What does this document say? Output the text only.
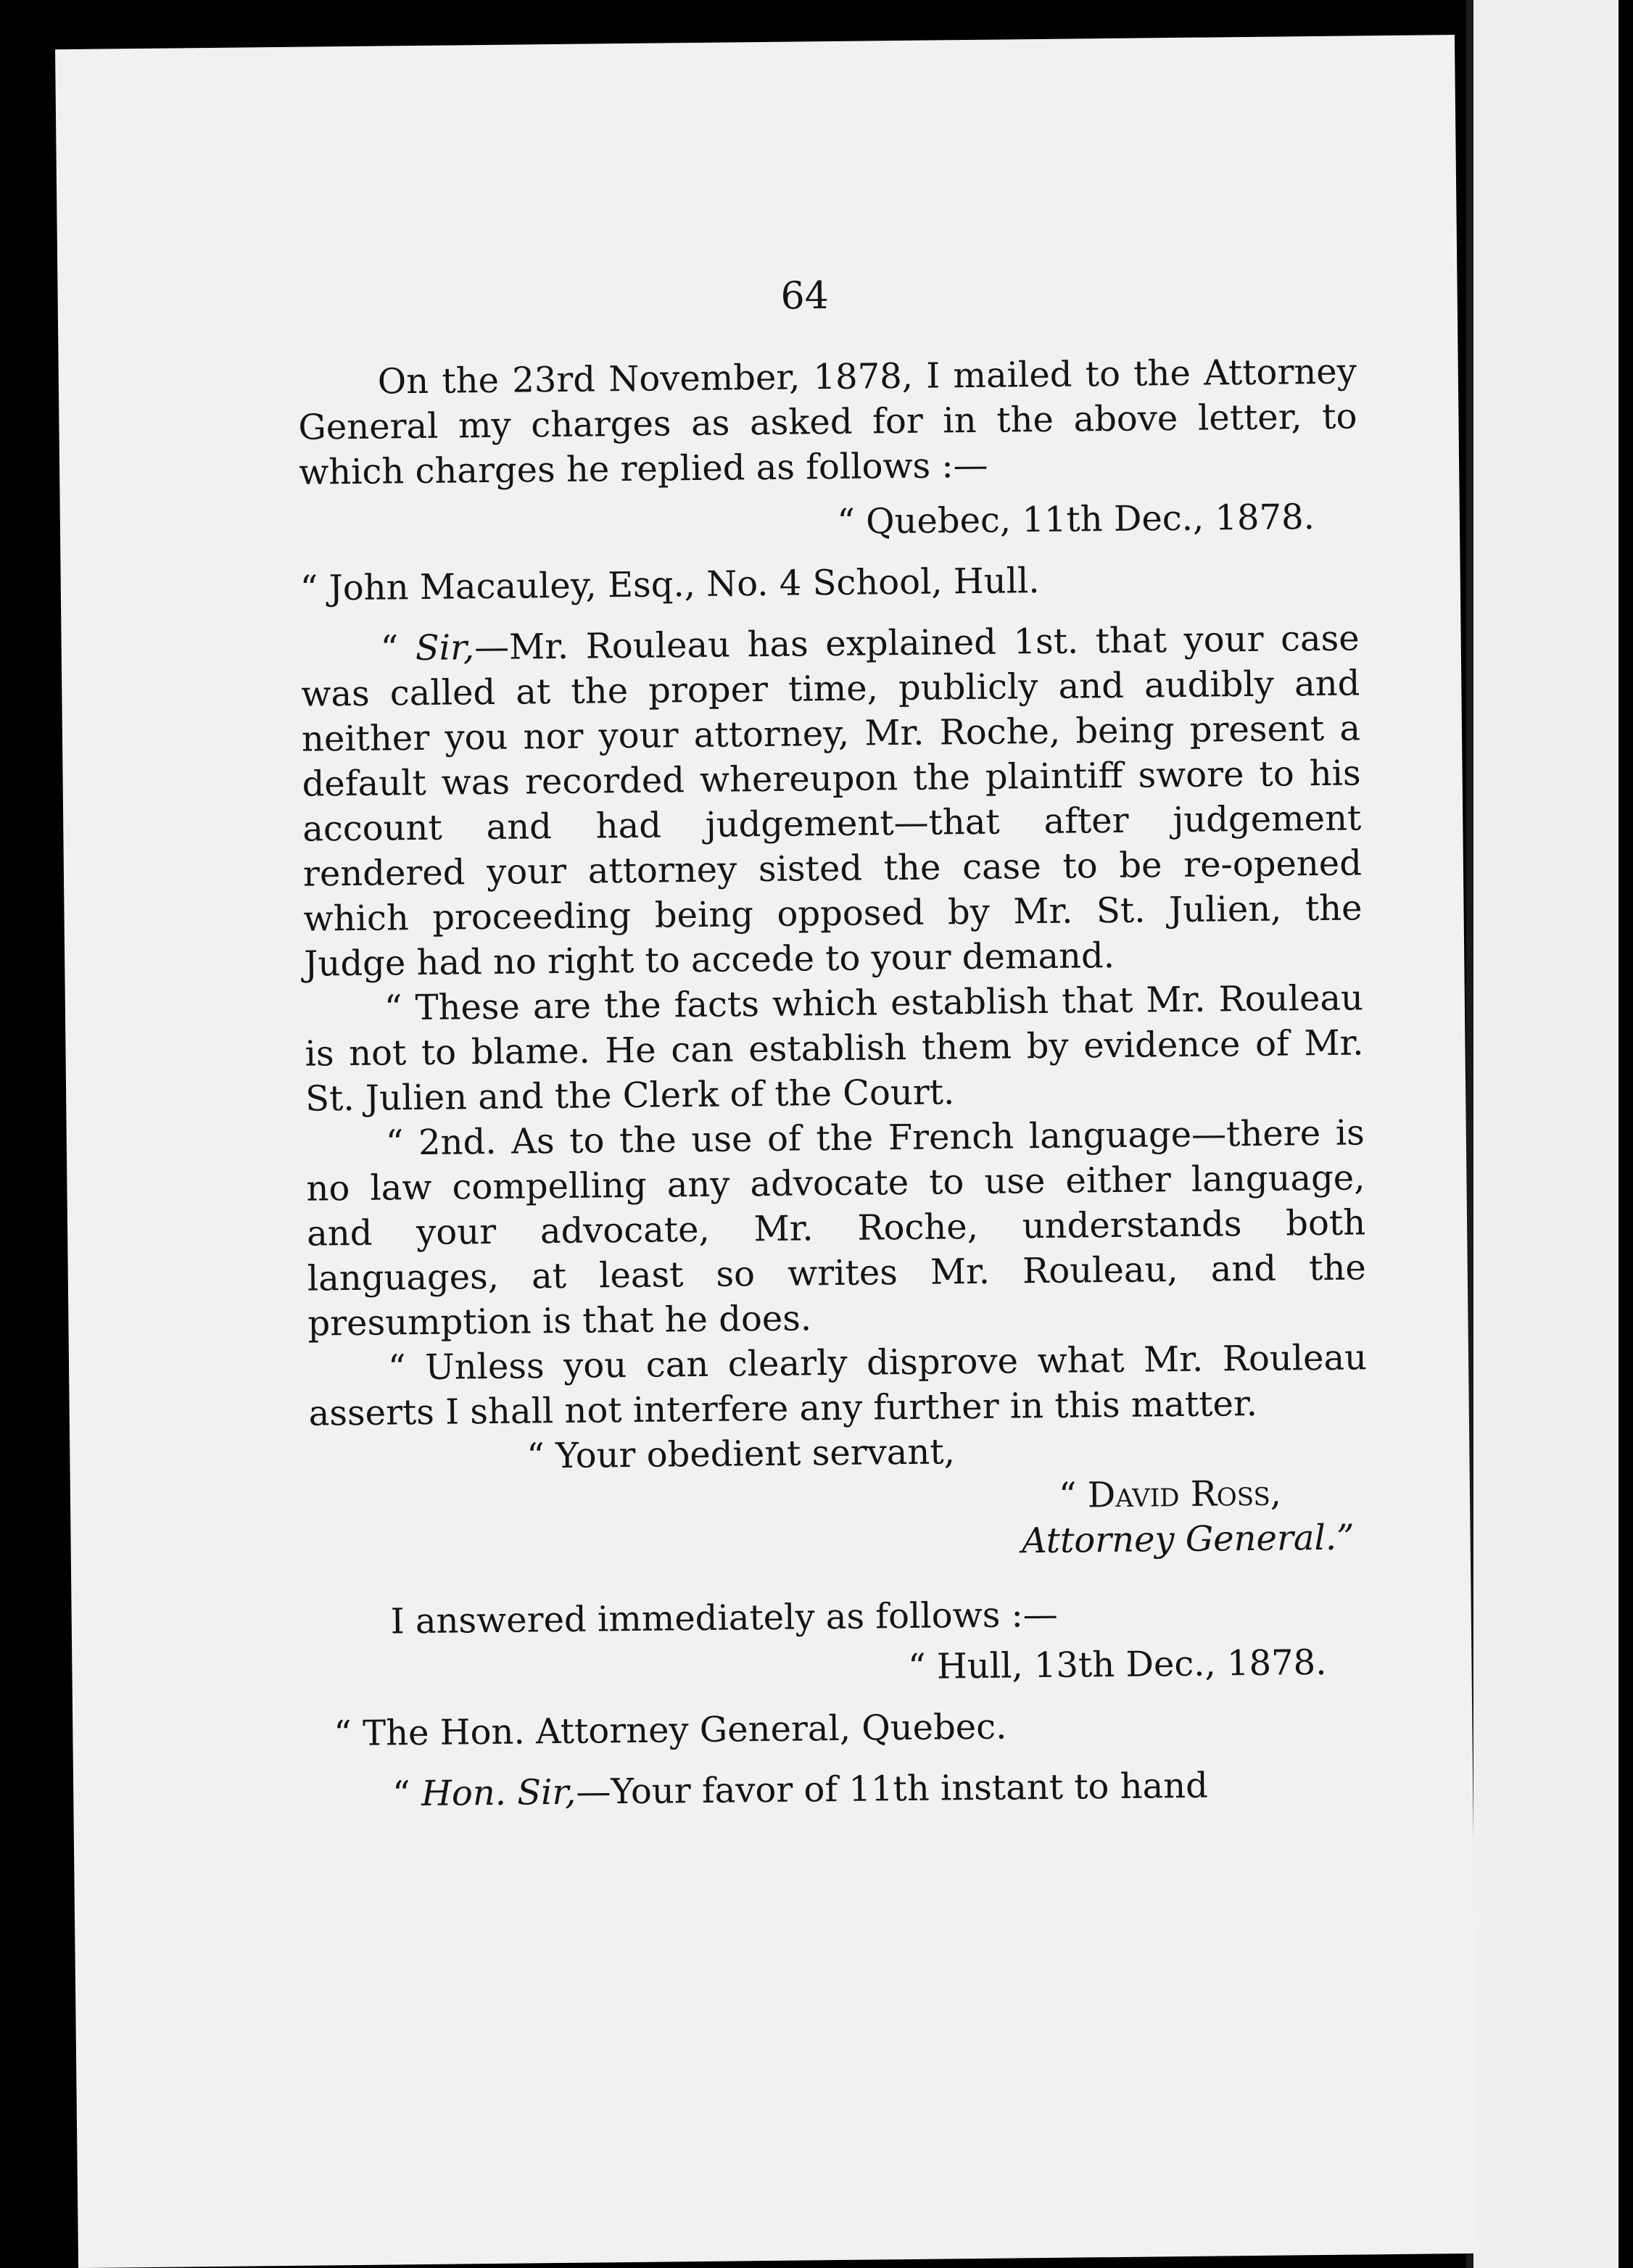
64

On the 23rd November, 1878, I mailed to the Attorney General my charges as asked for in the above letter, to which charges he replied as follows :—

“ Quebec, 11th Dec., 1878.

“ John Macauley, Esq., No. 4 School, Hull.

“ Sir,—Mr. Rouleau has explained 1st. that your case was called at the proper time, publicly and audibly and neither you nor your attorney, Mr. Roche, being present a default was recorded whereupon the plaintiff swore to his account and had judgement—that after judgement rendered your attorney sisted the case to be re-opened which proceeding being opposed by Mr. St. Julien, the Judge had no right to accede to your demand.

“ These are the facts which establish that Mr. Rouleau is not to blame. He can establish them by evidence of Mr. St. Julien and the Clerk of the Court.

“ 2nd. As to the use of the French language—there is no law compelling any advocate to use either language, and your advocate, Mr. Roche, understands both languages, at least so writes Mr. Rouleau, and the presumption is that he does.

“ Unless you can clearly disprove what Mr. Rouleau asserts I shall not interfere any further in this matter.

“ Your obedient servant,

“ David Ross,

Attorney General.”

I answered immediately as follows :—

“ Hull, 13th Dec., 1878.

“ The Hon. Attorney General, Quebec.

“ Hon. Sir,—Your favor of 11th instant to hand
